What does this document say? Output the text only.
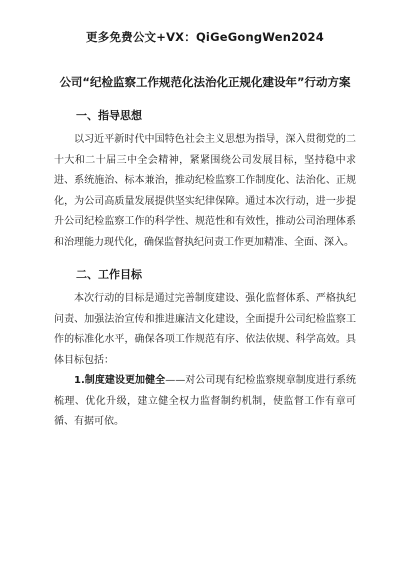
更多免费公文+VX：QiGeGongWen2024
公司“纪检监察工作规范化法治化正规化建设年”行动方案
一、指导思想

以习近平新时代中国特色社会主义思想为指导，深入贯彻党的二十大和二十届三中全会精神，紧紧围绕公司发展目标，坚持稳中求进、系统施治、标本兼治，推动纪检监察工作制度化、法治化、正规化，为公司高质量发展提供坚实纪律保障。通过本次行动，进一步提升公司纪检监察工作的科学性、规范性和有效性，推动公司治理体系和治理能力现代化，确保监督执纪问责工作更加精准、全面、深入。

二、工作目标

本次行动的目标是通过完善制度建设、强化监督体系、严格执纪问责、加强法治宣传和推进廉洁文化建设，全面提升公司纪检监察工作的标准化水平，确保各项工作规范有序、依法依规、科学高效。具体目标包括：

1.制度建设更加健全——对公司现有纪检监察规章制度进行系统梳理、优化升级，建立健全权力监督制约机制，使监督工作有章可循、有据可依。
